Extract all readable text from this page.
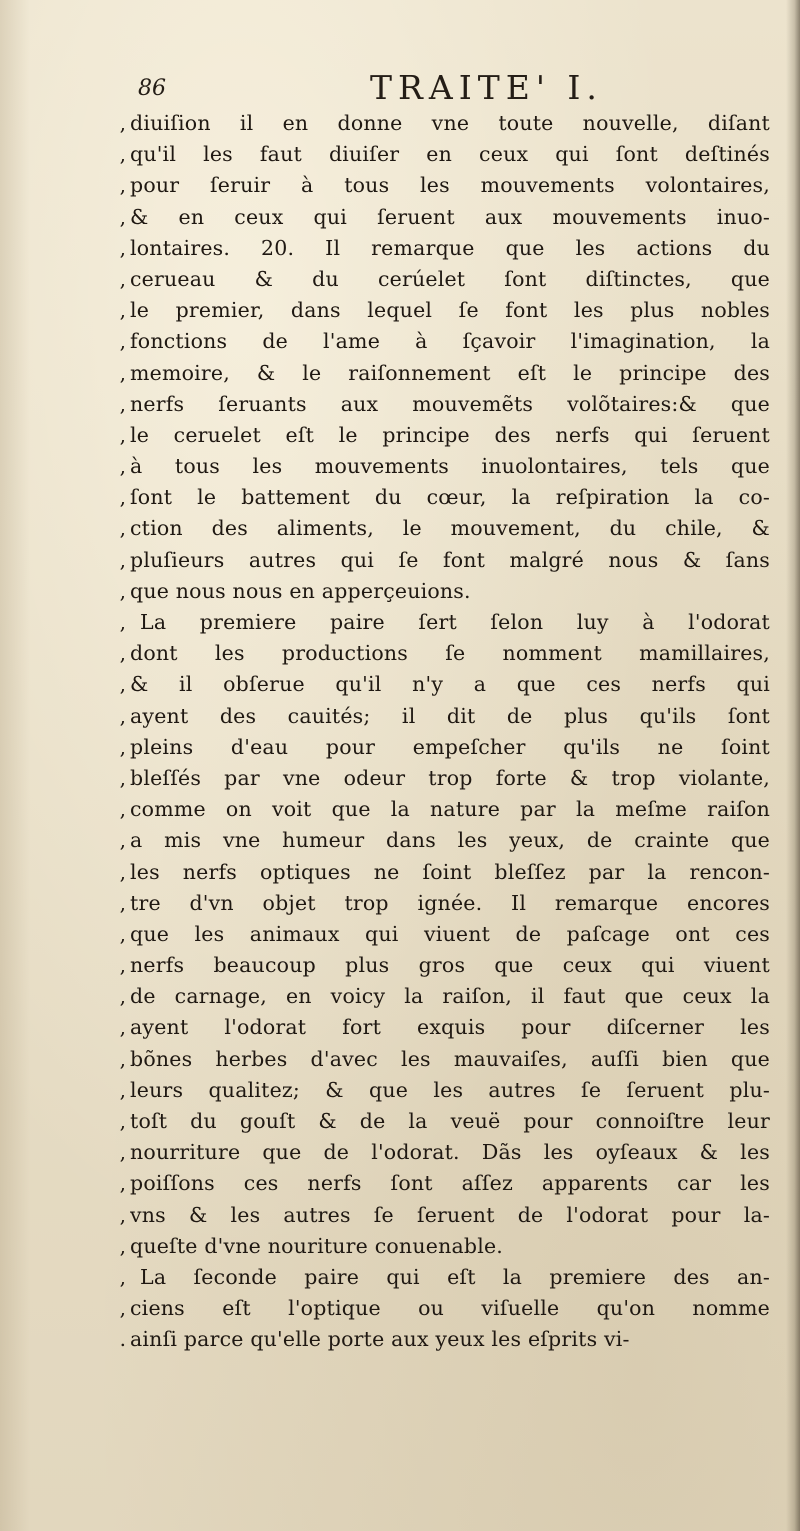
86	TRAITE' I.
, diuiſion il en donne vne toute nouvelle, diſant
, qu'il les faut diuiſer en ceux qui ſont deſtinés
, pour ſeruir à tous les mouvements volontaires,
, & en ceux qui ſeruent aux mouvements inuo-
, lontaires. 20. Il remarque que les actions du
, cerueau & du cerúelet ſont diſtinctes, que
, le premier, dans lequel ſe font les plus nobles
, fonctions de l'ame à ſçavoir l'imagination, la
, memoire, & le raiſonnement eſt le principe des
, nerfs ſeruants aux mouvemẽts volõtaires:& que
, le ceruelet eſt le principe des nerfs qui ſeruent
, à tous les mouvements inuolontaires, tels que
, ſont le battement du cœur, la reſpiration la co-
, ction des aliments, le mouvement, du chile, &
, pluſieurs autres qui ſe font malgré nous & ſans
, que nous nous en apperçeuions.
, La premiere paire ſert ſelon luy à l'odorat
, dont les productions ſe nomment mamillaires,
, & il obſerue qu'il n'y a que ces nerfs qui
, ayent des cauités; il dit de plus qu'ils ſont
, pleins d'eau pour empeſcher qu'ils ne ſoint
, bleſſés par vne odeur trop forte & trop violante,
, comme on voit que la nature par la meſme raiſon
, a mis vne humeur dans les yeux, de crainte que
, les nerfs optiques ne ſoint bleſſez par la rencon-
, tre d'vn objet trop ignée. Il remarque encores
, que les animaux qui viuent de paſcage ont ces
, nerfs beaucoup plus gros que ceux qui viuent
, de carnage, en voicy la raiſon, il faut que ceux la
, ayent l'odorat fort exquis pour diſcerner les
, bõnes herbes d'avec les mauvaiſes, auſſi bien que
, leurs qualitez; & que les autres ſe ſeruent plu-
, toſt du gouſt & de la veuë pour connoiſtre leur
, nourriture que de l'odorat. Dãs les oyſeaux & les
, poiſſons ces nerfs ſont aſſez apparents car les
, vns & les autres ſe ſeruent de l'odorat pour la-
, queſte d'vne nouriture conuenable.
, La ſeconde paire qui eſt la premiere des an-
, ciens eſt l'optique ou viſuelle qu'on nomme
. ainſi parce qu'elle porte aux yeux les eſprits vi-
